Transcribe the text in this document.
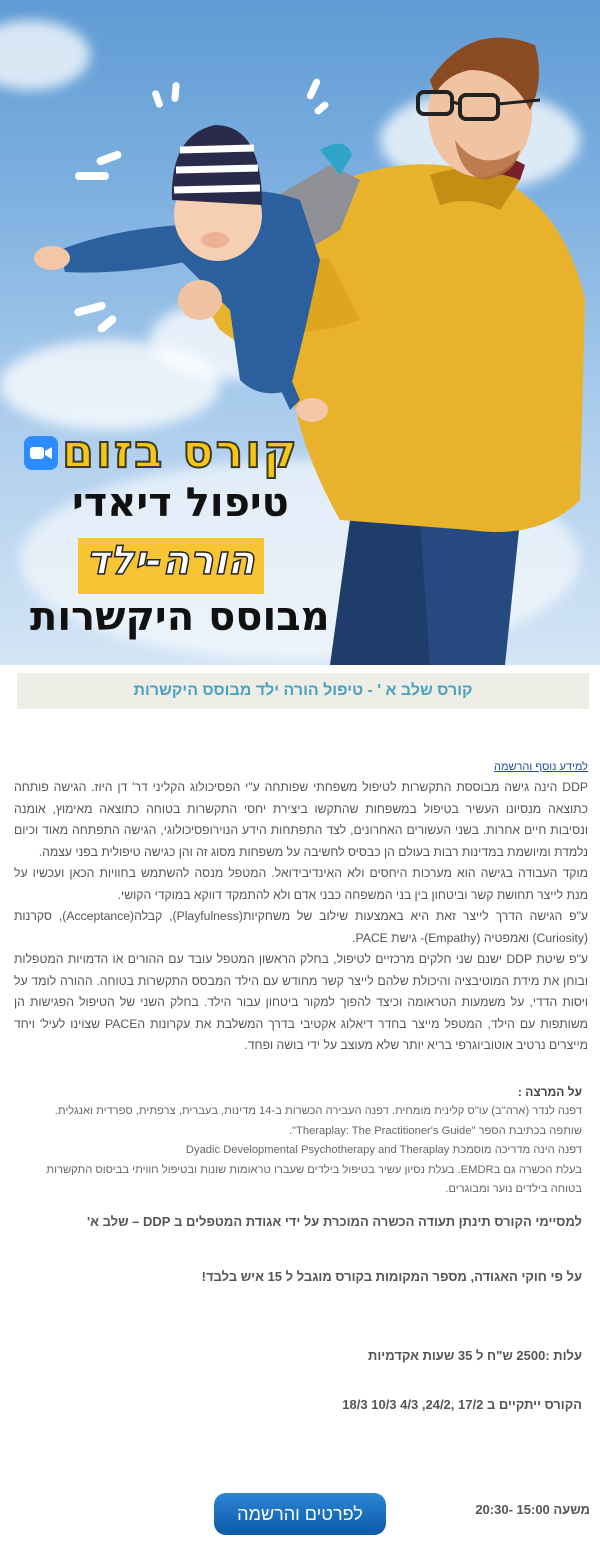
קורס בזום
טיפול דיאדי
הורה-ילד
מבוסס היקשרות
קורס שלב א ' - טיפול הורה ילד מבוסס היקשרות
למידע נוסף והרשמה
DDP הינה גישה מבוססת התקשרות לטיפול משפחתי שפותחה ע"י הפסיכולוג הקליני דר' דן היוז. הגישה פותחה כתוצאה מנסיונו העשיר בטיפול במשפחות שהתקשו ביצירת יחסי התקשרות בטוחה כתוצאה מאימוץ, אומנה ונסיבות חיים אחרות. בשני העשורים האחרונים, לצד התפתחות הידע הנוירופסיכולוגי, הגישה התפתחה מאוד וכיום נלמדת ומיושמת במדינות רבות בעולם הן כבסיס לחשיבה על משפחות מסוג זה והן כגישה טיפולית בפני עצמה.
מוקד העבודה בגישה הוא מערכות היחסים ולא האינדיבידואל. המטפל מנסה להשתמש בחוויות הכאן ועכשיו על מנת לייצר תחושת קשר וביטחון בין בני המשפחה כבני אדם ולא להתמקד דווקא במוקדי הקושי.
ע"פ הגישה הדרך לייצר זאת היא באמצעות שילוב של משחקיות(Playfulness), קבלה(Acceptance), סקרנות (Curiosity) ואמפטיה (Empathy)- גישת PACE.
ע"פ שיטת DDP ישנם שני חלקים מרכזיים לטיפול, בחלק הראשון המטפל עובד עם ההורים או הדמויות המטפלות ובוחן את מידת המוטיבציה והיכולת שלהם לייצר קשר מחודש עם הילד המבסס התקשרות בטוחה. ההורה לומד על ויסות הדדי, על משמעות הטראומה וכיצד להפוך למקור ביטחון עבור הילד. בחלק השני של הטיפול הפגישות הן משותפות עם הילד, המטפל מייצר בחדר דיאלוג אקטיבי בדרך המשלבת את עקרונות הPACE שצוינו לעיל' ויחד מייצרים נרטיב אוטוביוגרפי בריא יותר שלא מעוצב על ידי בושה ופחד.
על המרצה :
דפנה לנדר (ארה"ב) עו"ס קלינית מומחית. דפנה העבירה הכשרות ב-14 מדינות, בעברית, צרפתית, ספרדית ואנגלית.
שותפה בכתיבת הספר "Theraplay: The Practitioner's Guide".
דפנה הינה מדריכה מוסמכת Dyadic Developmental Psychotherapy and Theraplay
בעלת הכשרה גם בEMDR. בעלת נסיון עשיר בטיפול בילדים שעברו טראומות שונות ובטיפול חוויתי בביסוס התקשרות בטוחה בילדים נוער ומבוגרים.
למסיימי הקורס תינתן תעודה הכשרה המוכרת על ידי אגודת המטפלים ב DDP – שלב א'
על פי חוקי האגודה, מספר המקומות בקורס מוגבל ל 15 איש בלבד!
עלות :2500 ש"ח ל 35 שעות אקדמיות
הקורס ייתקיים ב 17/2 ,24/2, 4/3 10/3 18/3
משעה 15:00 -20:30
לפרטים והרשמה
